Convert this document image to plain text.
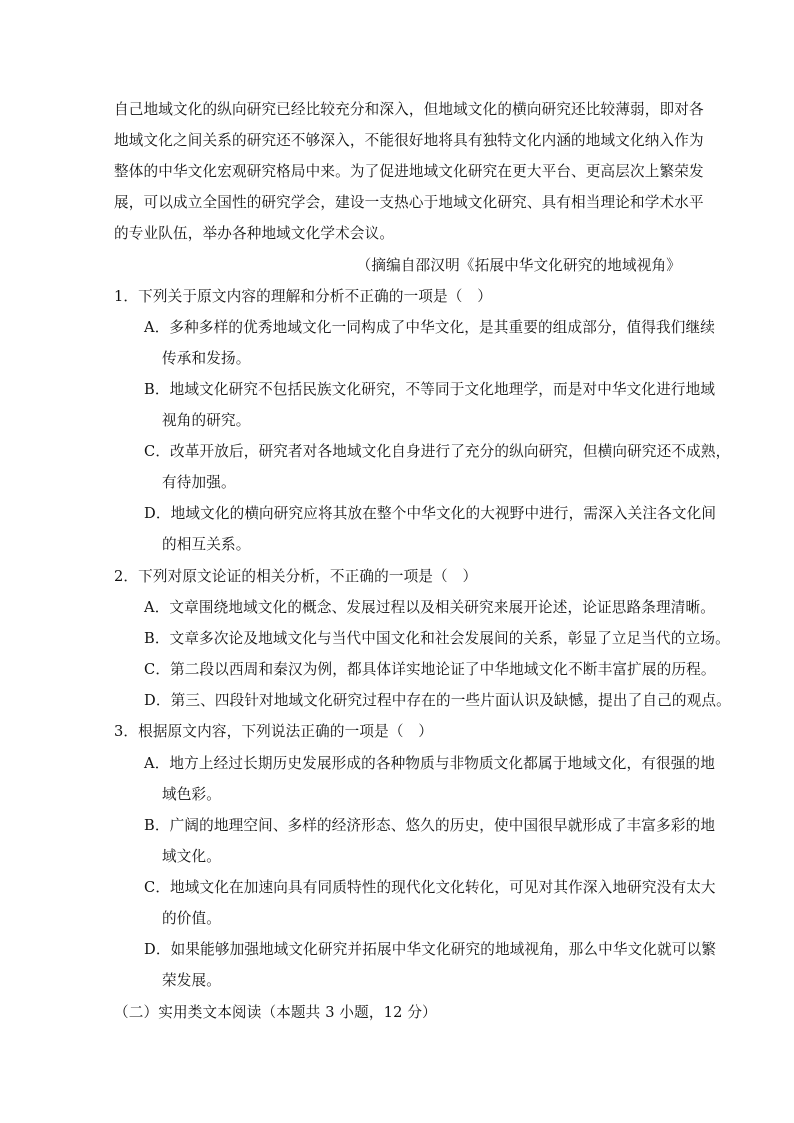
自己地域文化的纵向研究已经比较充分和深入，但地域文化的横向研究还比较薄弱，即对各
地域文化之间关系的研究还不够深入，不能很好地将具有独特文化内涵的地域文化纳入作为
整体的中华文化宏观研究格局中来。为了促进地域文化研究在更大平台、更高层次上繁荣发
展，可以成立全国性的研究学会，建设一支热心于地域文化研究、具有相当理论和学术水平
的专业队伍，举办各种地域文化学术会议。
（摘编自邵汉明《拓展中华文化研究的地域视角》
1．下列关于原文内容的理解和分析不正确的一项是（　）
A．多种多样的优秀地域文化一同构成了中华文化，是其重要的组成部分，值得我们继续
传承和发扬。
B．地域文化研究不包括民族文化研究，不等同于文化地理学，而是对中华文化进行地域
视角的研究。
C．改革开放后，研究者对各地域文化自身进行了充分的纵向研究，但横向研究还不成熟，
有待加强。
D．地域文化的横向研究应将其放在整个中华文化的大视野中进行，需深入关注各文化间
的相互关系。
2．下列对原文论证的相关分析，不正确的一项是（　）
A．文章围绕地域文化的概念、发展过程以及相关研究来展开论述，论证思路条理清晰。
B．文章多次论及地域文化与当代中国文化和社会发展间的关系，彰显了立足当代的立场。
C．第二段以西周和秦汉为例，都具体详实地论证了中华地域文化不断丰富扩展的历程。
D．第三、四段针对地域文化研究过程中存在的一些片面认识及缺憾，提出了自己的观点。
3．根据原文内容，下列说法正确的一项是（　）
A．地方上经过长期历史发展形成的各种物质与非物质文化都属于地域文化，有很强的地
域色彩。
B．广阔的地理空间、多样的经济形态、悠久的历史，使中国很早就形成了丰富多彩的地
域文化。
C．地域文化在加速向具有同质特性的现代化文化转化，可见对其作深入地研究没有太大
的价值。
D．如果能够加强地域文化研究并拓展中华文化研究的地域视角，那么中华文化就可以繁
荣发展。
（二）实用类文本阅读（本题共 3 小题，12 分）
